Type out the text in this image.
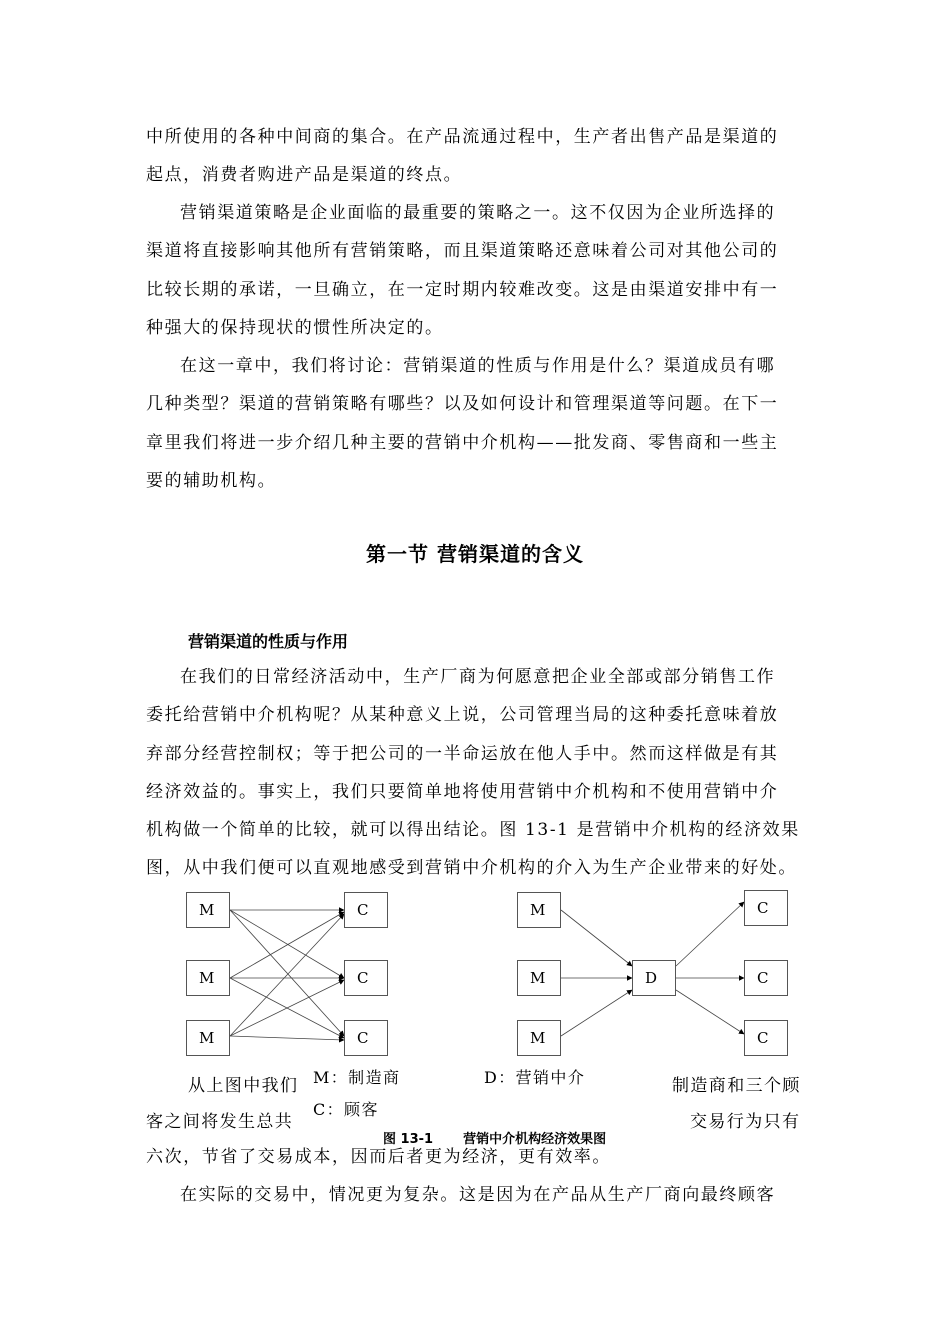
中所使用的各种中间商的集合。在产品流通过程中，生产者出售产品是渠道的
起点，消费者购进产品是渠道的终点。
营销渠道策略是企业面临的最重要的策略之一。这不仅因为企业所选择的
渠道将直接影响其他所有营销策略，而且渠道策略还意味着公司对其他公司的
比较长期的承诺，一旦确立，在一定时期内较难改变。这是由渠道安排中有一
种强大的保持现状的惯性所决定的。
在这一章中，我们将讨论：营销渠道的性质与作用是什么？渠道成员有哪
几种类型？渠道的营销策略有哪些？以及如何设计和管理渠道等问题。在下一
章里我们将进一步介绍几种主要的营销中介机构——批发商、零售商和一些主
要的辅助机构。
第一节 营销渠道的含义
营销渠道的性质与作用
在我们的日常经济活动中，生产厂商为何愿意把企业全部或部分销售工作
委托给营销中介机构呢？从某种意义上说，公司管理当局的这种委托意味着放
弃部分经营控制权；等于把公司的一半命运放在他人手中。然而这样做是有其
经济效益的。事实上，我们只要简单地将使用营销中介机构和不使用营销中介
机构做一个简单的比较，就可以得出结论。图 13-1 是营销中介机构的经济效果
图，从中我们便可以直观地感受到营销中介机构的介入为生产企业带来的好处。
M
M
M
C
C
C
M
M
M
D
C
C
C

M：制造商

C：顾客

D：营销中介

从上图中我们

客之间将发生总共

制造商和三个顾

交易行为只有

图 13-1 营销中介机构经济效果图
六次，节省了交易成本，因而后者更为经济，更有效率。
在实际的交易中，情况更为复杂。这是因为在产品从生产厂商向最终顾客
